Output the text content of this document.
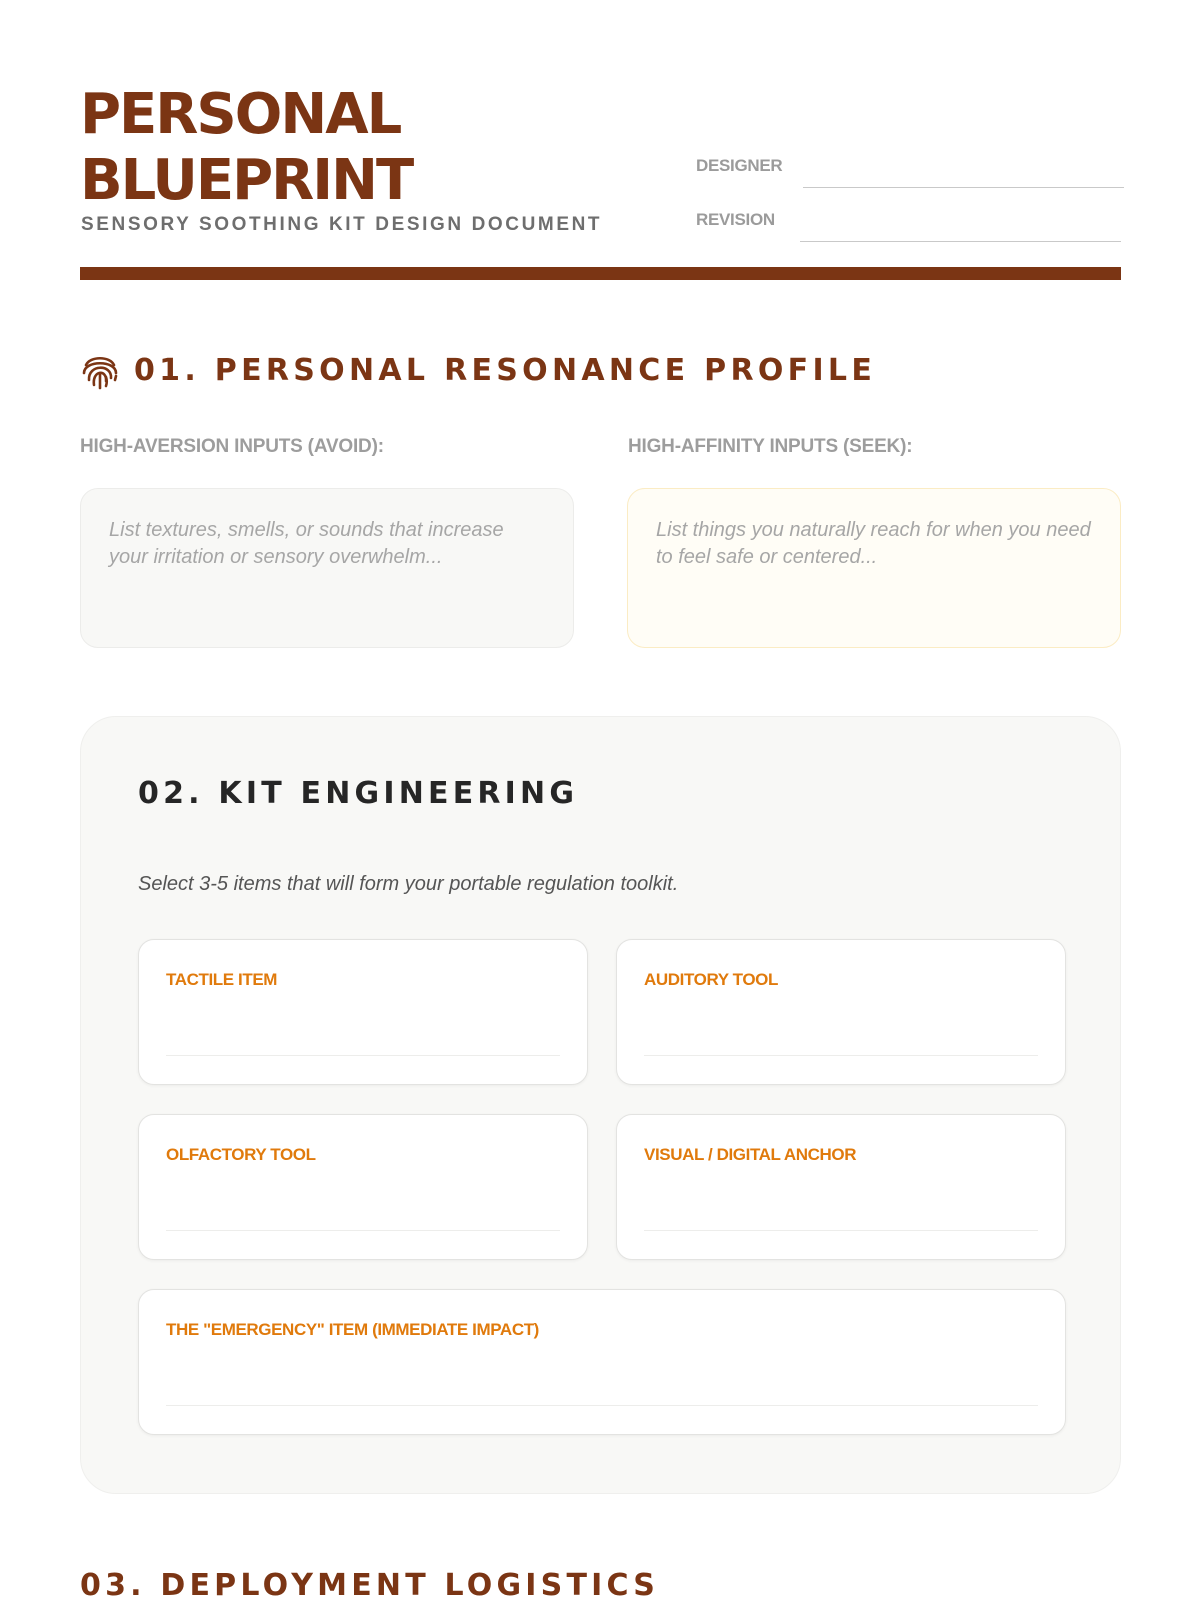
PERSONAL
BLUEPRINT
SENSORY SOOTHING KIT DESIGN DOCUMENT
DESIGNER
REVISION
01. PERSONAL RESONANCE PROFILE
HIGH-AVERSION INPUTS (AVOID):	HIGH-AFFINITY INPUTS (SEEK):
List textures, smells, or sounds that increase your irritation or sensory overwhelm...
List things you naturally reach for when you need to feel safe or centered...
02. KIT ENGINEERING
Select 3-5 items that will form your portable regulation toolkit.
TACTILE ITEM	AUDITORY TOOL
OLFACTORY TOOL	VISUAL / DIGITAL ANCHOR
THE "EMERGENCY" ITEM (IMMEDIATE IMPACT)
03. DEPLOYMENT LOGISTICS
